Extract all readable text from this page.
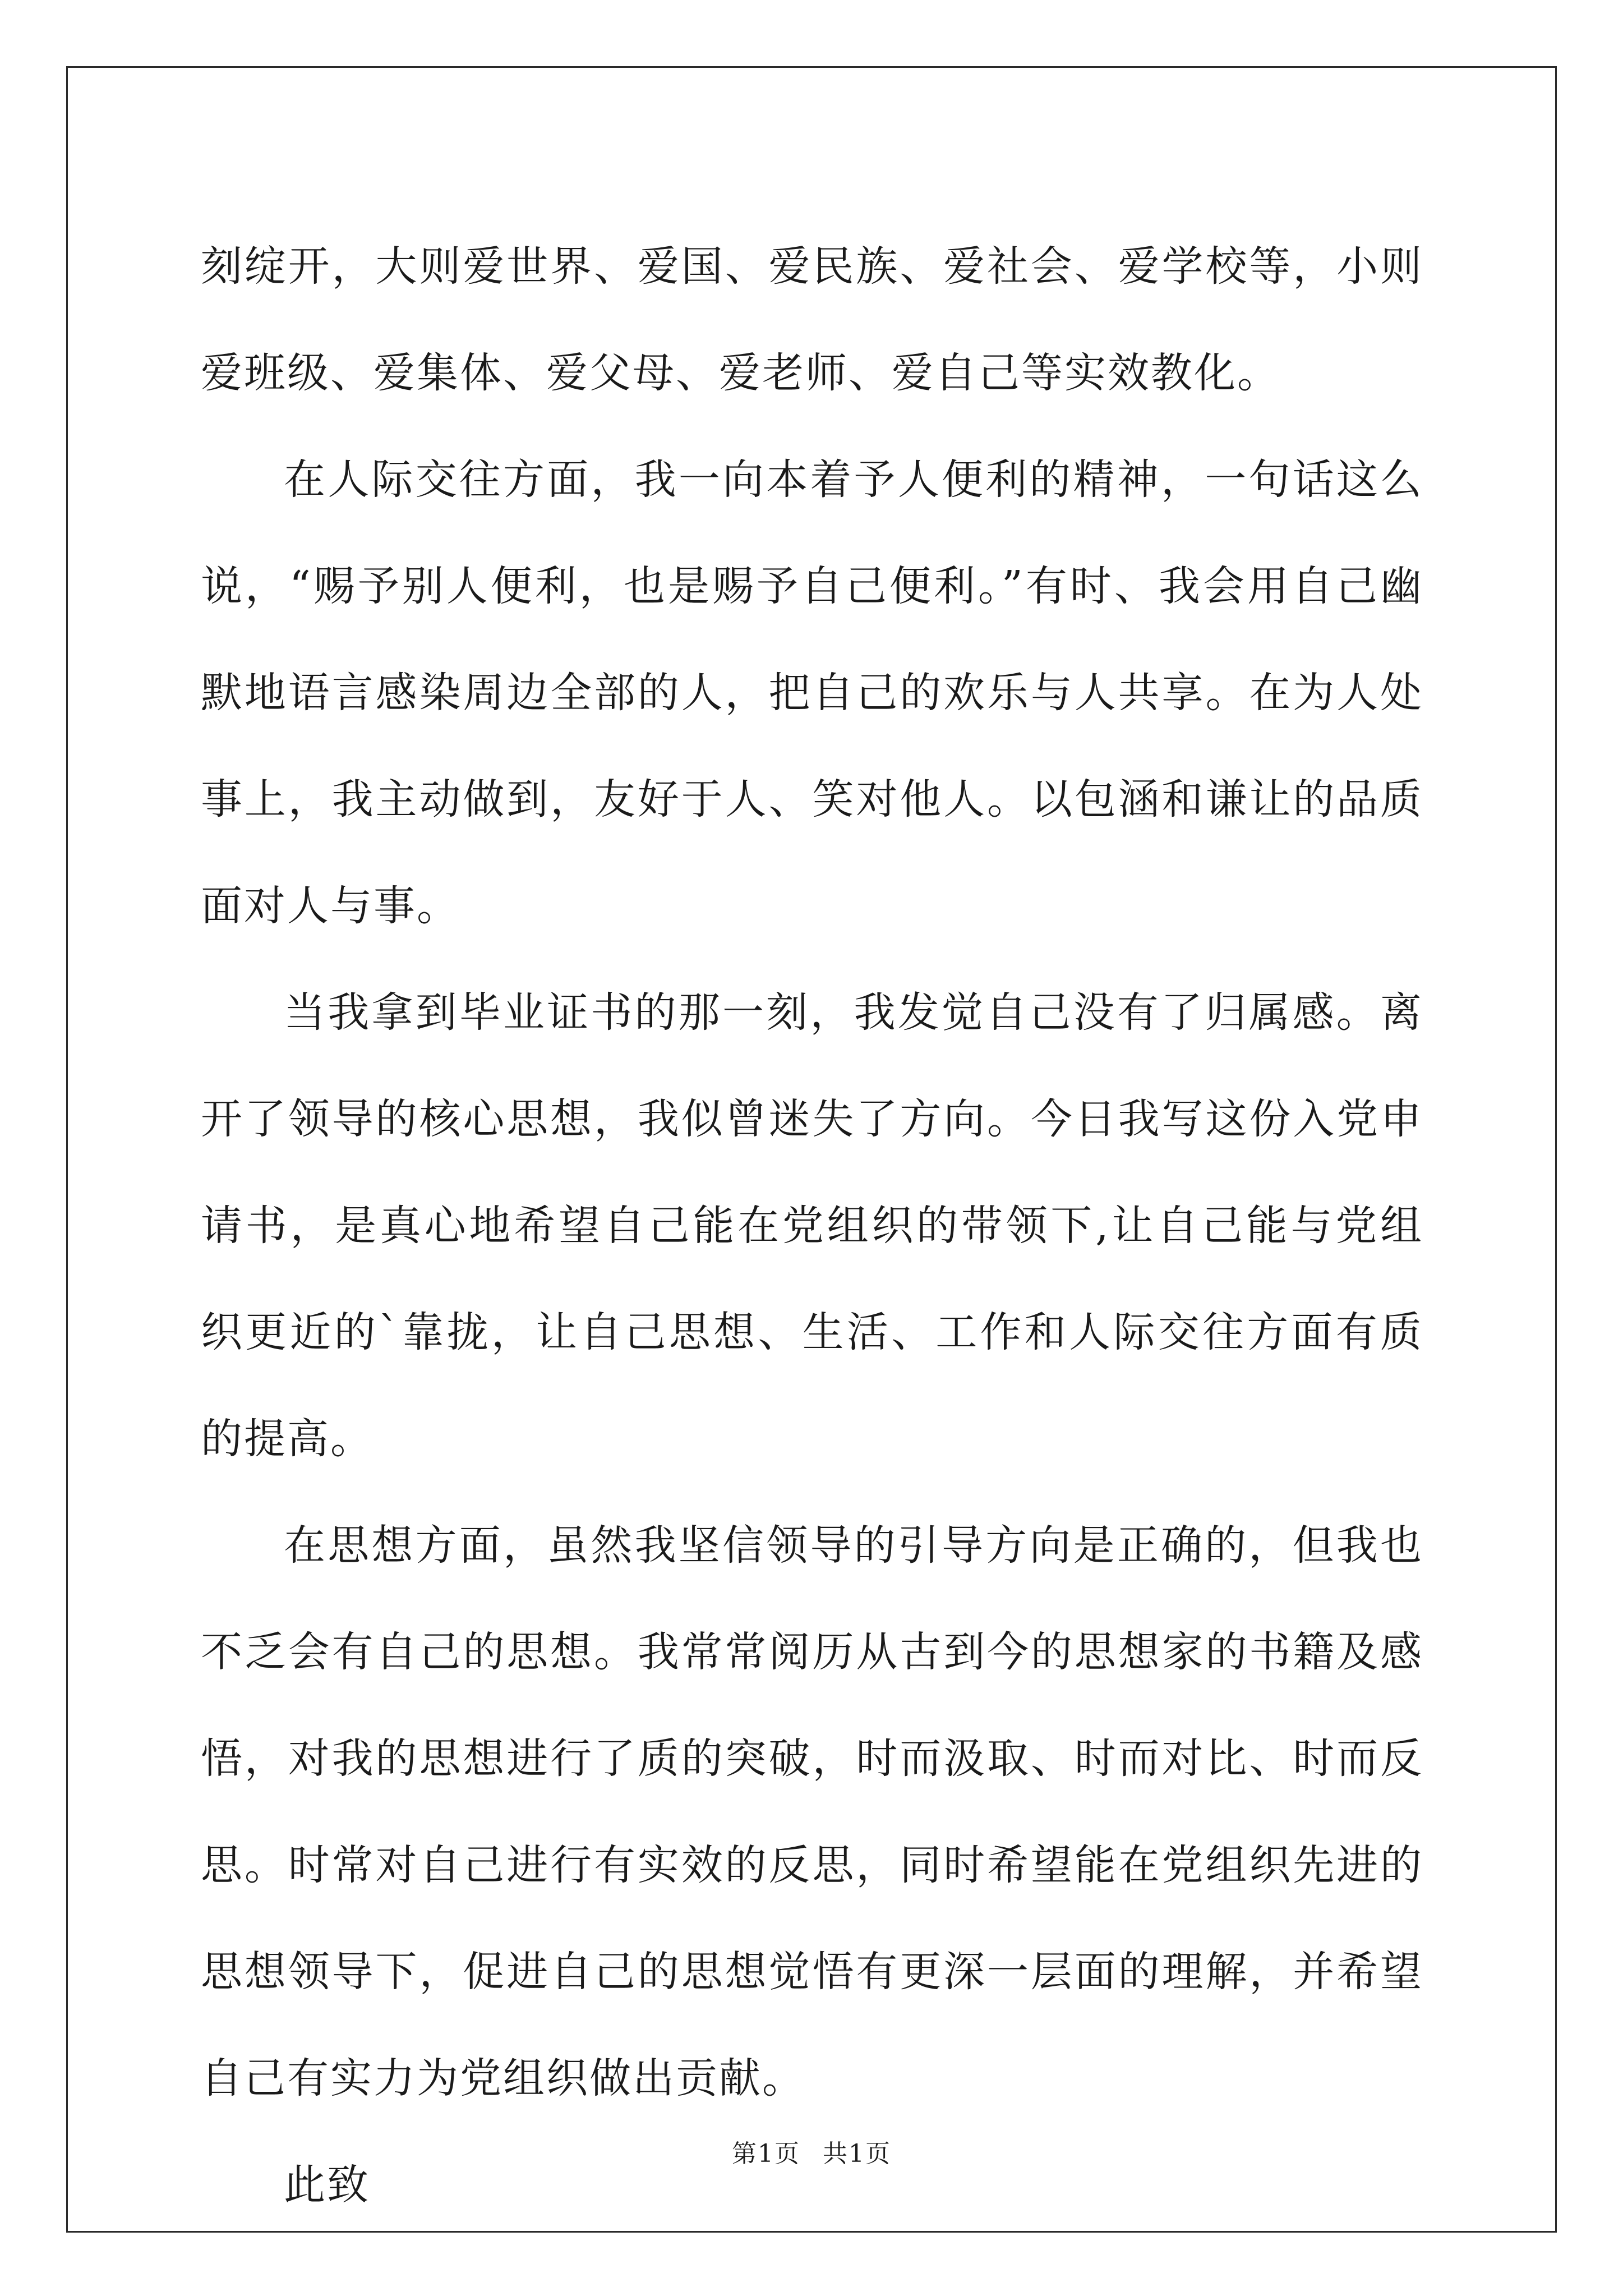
刻绽开，大则爱世界、爱国、爱民族、爱社会、爱学校等，小则爱班级、爱集体、爱父母、爱老师、爱自己等实效教化。

在人际交往方面，我一向本着予人便利的精神，一句话这么说，“赐予别人便利，也是赐予自己便利。”有时、我会用自己幽默地语言感染周边全部的人，把自己的欢乐与人共享。在为人处事上，我主动做到，友好于人、笑对他人。以包涵和谦让的品质面对人与事。

当我拿到毕业证书的那一刻，我发觉自己没有了归属感。离开了领导的核心思想，我似曾迷失了方向。今日我写这份入党申请书，是真心地希望自己能在党组织的带领下,让自己能与党组织更近的`靠拢，让自己思想、生活、工作和人际交往方面有质的提高。

在思想方面，虽然我坚信领导的引导方向是正确的，但我也不乏会有自己的思想。我常常阅历从古到今的思想家的书籍及感悟，对我的思想进行了质的突破，时而汲取、时而对比、时而反思。时常对自己进行有实效的反思，同时希望能在党组织先进的思想领导下，促进自己的思想觉悟有更深一层面的理解，并希望自己有实力为党组织做出贡献。

此致

第1页 共1页
